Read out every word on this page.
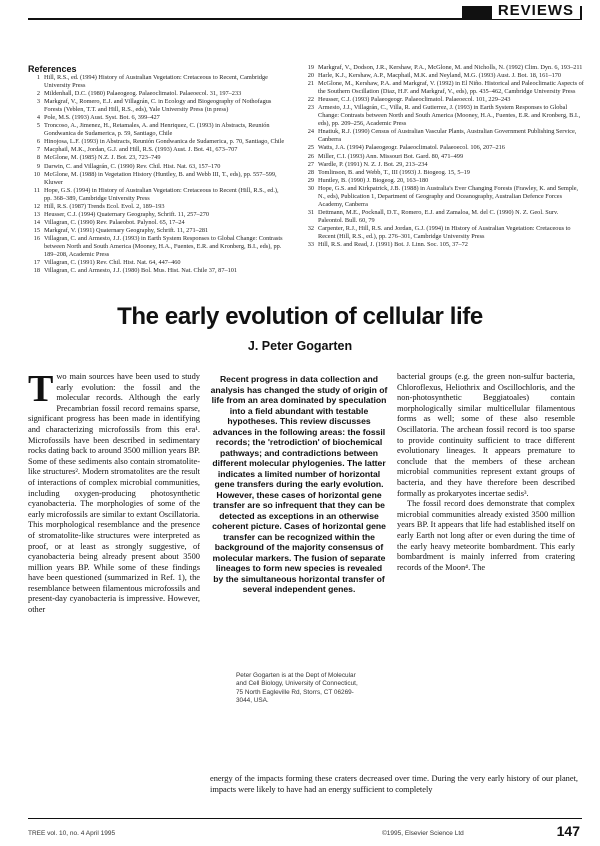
REVIEWS
References
1 Hill, R.S., ed. (1994) History of Australian Vegetation: Cretaceous to Recent, Cambridge University Press
2 Mildenhall, D.C. (1980) Palaeogeog. Palaeoclimatol. Palaeoecol. 31, 197–233
3 Markgraf, V., Romero, E.J. and Villagrán, C. in Ecology and Biogeography of Nothofagus Forests (Veblen, T.T. and Hill, R.S., eds), Yale University Press (in press)
4 Pole, M.S. (1993) Aust. Syst. Bot. 6, 399–427
5 Troncoso, A., Jimenez, H., Retamales, A. and Henriquez, C. (1993) in Abstracts, Reunión Gondwanica de Sudamerica, p. 59, Santiago, Chile
6 Hinojosa, L.F. (1993) in Abstracts, Reunión Gondwanica de Sudamerica, p. 70, Santiago, Chile
7 Macphail, M.K., Jordan, G.J. and Hill, R.S. (1993) Aust. J. Bot. 41, 673–707
8 McGlone, M. (1985) N.Z. J. Bot. 23, 723–749
9 Darwin, C. and Villagrán, C. (1990) Rev. Chil. Hist. Nat. 63, 157–170
10 McGlone, M. (1988) in Vegetation History (Huntley, B. and Webb III, T., eds), pp. 557–599, Kluwer
11 Hope, G.S. (1994) in History of Australian Vegetation: Cretaceous to Recent (Hill, R.S., ed.), pp. 368–389, Cambridge University Press
12 Hill, R.S. (1987) Trends Ecol. Evol. 2, 189–193
13 Heusser, C.J. (1994) Quaternary Geography, Schrift. 11, 257–270
14 Villagran, C. (1990) Rev. Palaeobot. Palynol. 65, 17–24
15 Markgraf, V. (1991) Quaternary Geography, Schrift. 11, 271–281
16 Villagran, C. and Armesto, J.J. (1993) in Earth System Responses to Global Change: Contrasts between North and South America (Mooney, H.A., Fuentes, E.R. and Kronberg, B.I., eds), pp. 189–208, Academic Press
17 Villagran, C. (1991) Rev. Chil. Hist. Nat. 64, 447–460
18 Villagran, C. and Armesto, J.J. (1980) Bol. Mus. Hist. Nat. Chile 37, 87–101
19 Markgraf, V., Dodson, J.R., Kershaw, P.A., McGlone, M. and Nicholls, N. (1992) Clim. Dyn. 6, 193–211
20 Harle, K.J., Kershaw, A.P., Macphail, M.K. and Neyland, M.G. (1993) Aust. J. Bot. 18, 161–170
21 McGlone, M., Kershaw, P.A. and Markgraf, V. (1992) in El Niño. Historical and Paleoclimatic Aspects of the Southern Oscillation (Diaz, H.F. and Markgraf, V., eds), pp. 435–462, Cambridge University Press
22 Heusser, C.J. (1993) Palaeogeogr. Palaeoclimatol. Palaeoecol. 101, 229–243
23 Armesto, J.J., Villagrán, C., Villa, R. and Gutierrez, J. (1993) in Earth System Responses to Global Change: Contrasts between North and South America (Mooney, H.A., Fuentes, E.R. and Kronberg, B.I., eds), pp. 209–256, Academic Press
24 Hnatiuk, R.J. (1990) Census of Australian Vascular Plants, Australian Government Publishing Service, Canberra
25 Watts, J.A. (1994) Palaeogeogr. Palaeoclimatol. Palaeoecol. 106, 207–216
26 Miller, C.I. (1993) Ann. Missouri Bot. Gard. 80, 471–499
27 Wardle, P. (1991) N. Z. J. Bot. 29, 213–234
28 Tomlinson, B. and Webb, T., III (1993) J. Biogeog. 15, 5–19
29 Huntley, B. (1990) J. Biogeog. 20, 163–180
30 Hope, G.S. and Kirkpatrick, J.B. (1988) in Australia's Ever Changing Forests (Frawley, K. and Semple, N., eds), Publication 1, Department of Geography and Oceanography, Australian Defence Forces Academy, Canberra
31 Dettmann, M.E., Pocknall, D.T., Romero, E.J. and Zamaloa, M. del C. (1990) N. Z. Geol. Surv. Paleontol. Bull. 60, 79
32 Carpenter, R.J., Hill, R.S. and Jordan, G.J. (1994) in History of Australian Vegetation: Cretaceous to Recent (Hill, R.S., ed.), pp. 276–301, Cambridge University Press
33 Hill, R.S. and Read, J. (1991) Bot. J. Linn. Soc. 105, 37–72
The early evolution of cellular life
J. Peter Gogarten

Two main sources have been used to study early evolution: the fossil and the molecular records. Although the early Precambrian fossil record remains sparse, significant progress has been made in identifying and characterizing microfossils from this era¹. Microfossils have been described in sedimentary rocks dating back to around 3500 million years BP. Some of these sediments also contain stromatolite-like structures². Modern stromatolites are the result of interactions of complex microbial communities, including oxygen-producing photosynthetic cyanobacteria. The morphologies of some of the early microfossils are similar to extant Oscillatoria. This morphological resemblance and the presence of stromatolite-like structures were interpreted as proof, or at least as strongly suggestive, of cyanobacteria being already present about 3500 million years BP. While some of these findings have been questioned (summarized in Ref. 1), the resemblance between filamentous microfossils and present-day cyanobacteria is impressive. However, other

Recent progress in data collection and analysis has changed the study of origin of life from an area dominated by speculation into a field abundant with testable hypotheses. This review discusses advances in the following areas: the fossil records; the 'retrodiction' of biochemical pathways; and contradictions between different molecular phylogenies. The latter indicates a limited number of horizontal gene transfers during the early evolution. However, these cases of horizontal gene transfer are so infrequent that they can be detected as exceptions in an otherwise coherent picture. Cases of horizontal gene transfer can be recognized within the background of the majority consensus of molecular markers. The fusion of separate lineages to form new species is revealed by the simultaneous horizontal transfer of several independent genes.
Peter Gogarten is at the Dept of Molecular and Cell Biology, University of Connecticut, 75 North Eagleville Rd, Storrs, CT 06269-3044, USA.

bacterial groups (e.g. the green non-sulfur bacteria, Chloroflexus, Heliothrix and Oscillochloris, and the non-photosynthetic Beggiatoales) contain morphologically similar multicellular filamentous forms as well; some of these also resemble Oscillatoria. The archean fossil record is too sparse to provide continuity sufficient to trace different evolutionary lineages. It appears premature to conclude that the members of these archean microbial communities represent extant groups of bacteria, and they have therefore been described formally as prokaryotes incertae sedis³.

The fossil record does demonstrate that complex microbial communities already existed 3500 million years BP. It appears that life had established itself on early Earth not long after or even during the time of the early heavy meteorite bombardment. This early bombardment is mainly inferred from cratering records of the Moon⁴. The

energy of the impacts forming these craters decreased over time. During the very early history of our planet, impacts were likely to have had an energy sufficient to completely
TREE vol. 10, no. 4 April 1995	©1995, Elsevier Science Ltd	147
